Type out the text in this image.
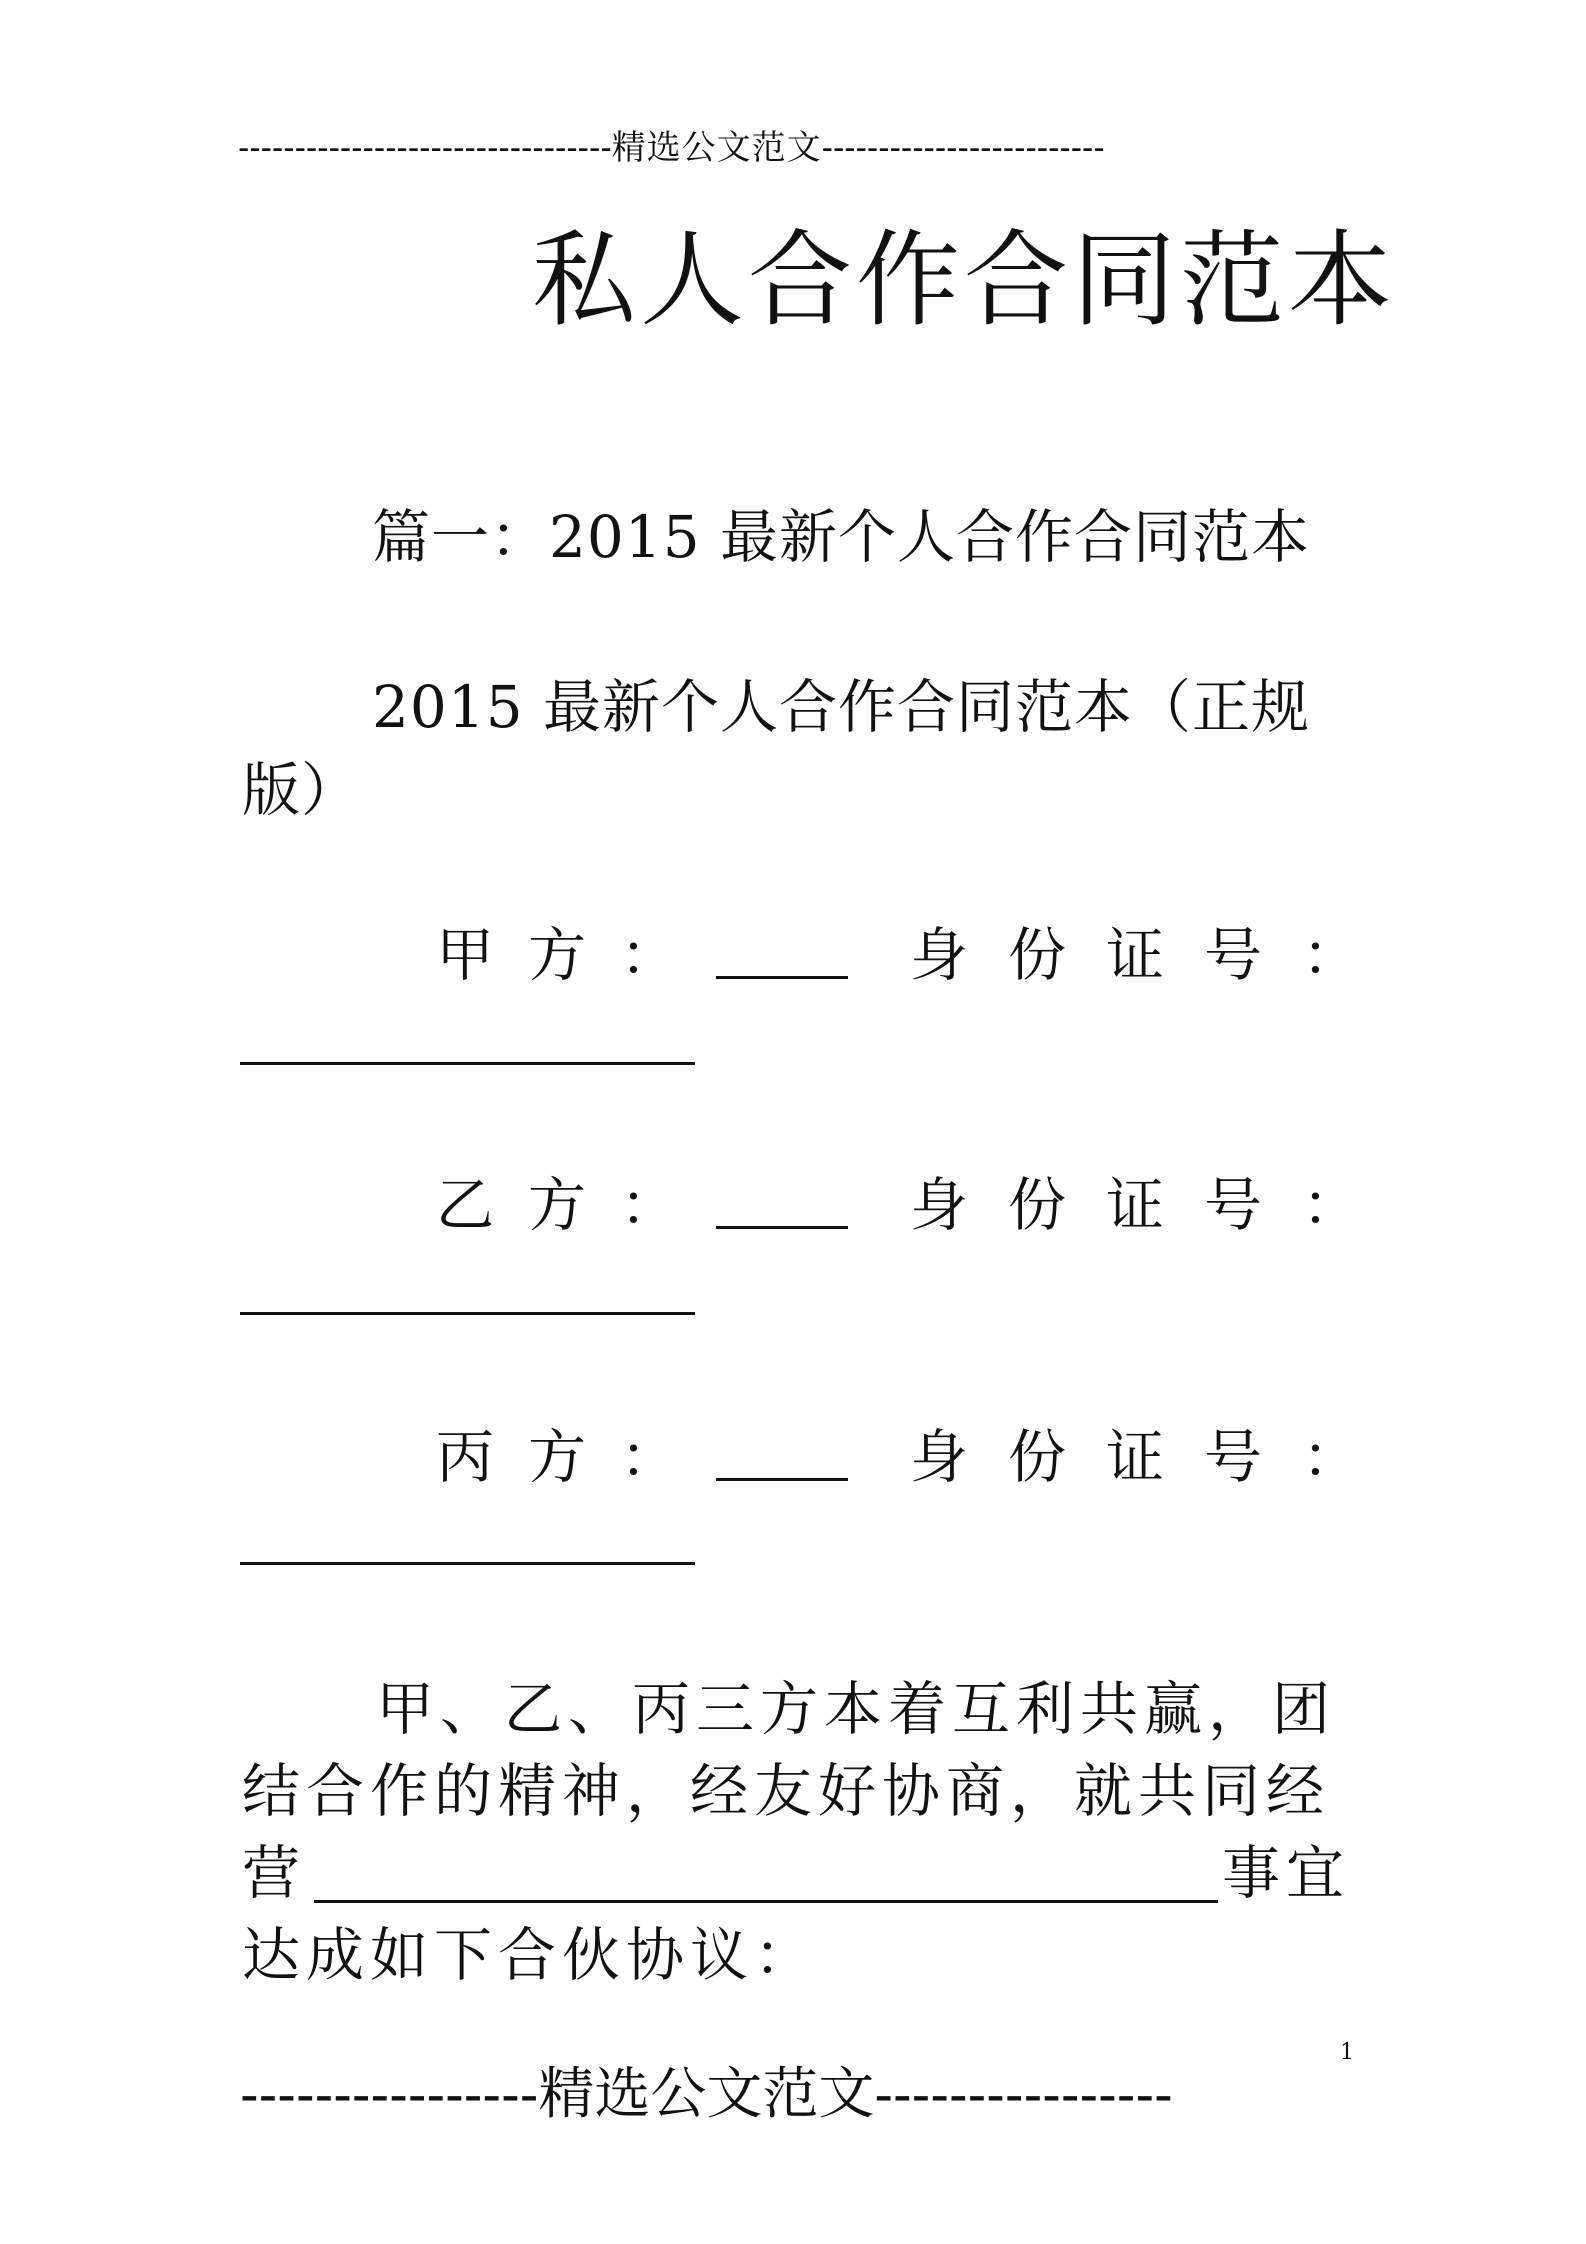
---------------------------------精选公文范文-------------------------
私人合作合同范本
篇一：2015 最新个人合作合同范本
2015 最新个人合作合同范本（正规
版）
甲方：	身份证号：
乙方：	身份证号：
丙方：	身份证号：
甲、乙、丙三方本着互利共赢，团
结合作的精神，经友好协商，就共同经
营	事宜
达成如下合伙协议：
----------------精选公文范文----------------
1
